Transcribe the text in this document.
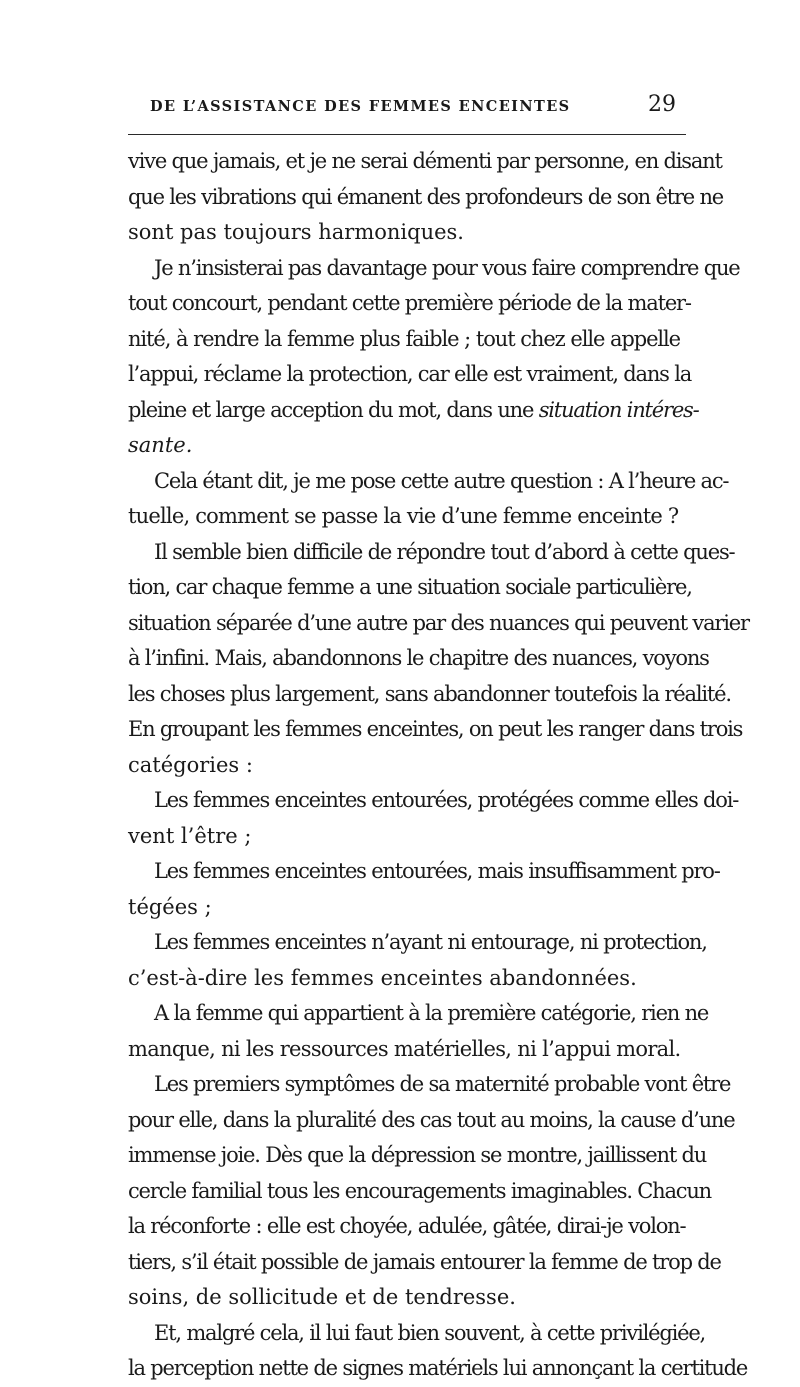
DE L’ASSISTANCE DES FEMMES ENCEINTES	29
vive que jamais, et je ne serai démenti par personne, en disant
que les vibrations qui émanent des profondeurs de son être ne
sont pas toujours harmoniques.
Je n’insisterai pas davantage pour vous faire comprendre que
tout concourt, pendant cette première période de la mater-
nité, à rendre la femme plus faible ; tout chez elle appelle
l’appui, réclame la protection, car elle est vraiment, dans la
pleine et large acception du mot, dans une situation intéres-
sante.
Cela étant dit, je me pose cette autre question : A l’heure ac-
tuelle, comment se passe la vie d’une femme enceinte ?
Il semble bien difficile de répondre tout d’abord à cette ques-
tion, car chaque femme a une situation sociale particulière,
situation séparée d’une autre par des nuances qui peuvent varier
à l’infini. Mais, abandonnons le chapitre des nuances, voyons
les choses plus largement, sans abandonner toutefois la réalité.
En groupant les femmes enceintes, on peut les ranger dans trois
catégories :
Les femmes enceintes entourées, protégées comme elles doi-
vent l’être ;
Les femmes enceintes entourées, mais insuffisamment pro-
tégées ;
Les femmes enceintes n’ayant ni entourage, ni protection,
c’est-à-dire les femmes enceintes abandonnées.
A la femme qui appartient à la première catégorie, rien ne
manque, ni les ressources matérielles, ni l’appui moral.
Les premiers symptômes de sa maternité probable vont être
pour elle, dans la pluralité des cas tout au moins, la cause d’une
immense joie. Dès que la dépression se montre, jaillissent du
cercle familial tous les encouragements imaginables. Chacun
la réconforte : elle est choyée, adulée, gâtée, dirai-je volon-
tiers, s’il était possible de jamais entourer la femme de trop de
soins, de sollicitude et de tendresse.
Et, malgré cela, il lui faut bien souvent, à cette privilégiée,
la perception nette de signes matériels lui annonçant la certitude
